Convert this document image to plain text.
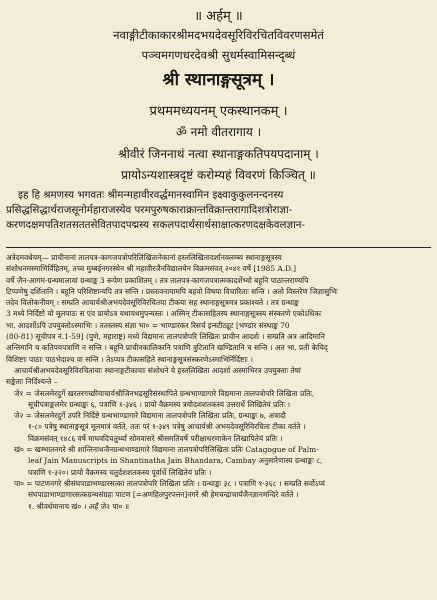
॥ अर्हम् ॥
नवाङ्गीटीकाकारश्रीमदभयदेवसूरिविरचितविवरणसमेतं
पञ्चमगणधरदेवश्री सुधर्मस्वामिसन्दृब्धं
श्री स्थानाङ्गसूत्रम् ।
प्रथममध्ययनम् एकस्थानकम् ।
ॐ नमो वीतरागाय ।
श्रीवीरं जिननाथं नत्वा स्थानाङ्गकतिपयपदानाम् ।
प्रायोऽन्यशास्त्रदृष्टं करोम्यहं विवरणं किञ्चित् ॥
इह हि श्रमणस्य भगवतः श्रीमन्महावीरवर्द्धमानस्वामिन इक्ष्वाकुकुलनन्दनस्य
प्रसिद्धसिद्धार्थराजसूनोर्महाराजस्येव परमपुरुषकाराक्रान्तविक्रान्तरागादिशत्रोराज्ञा-
करणदक्षमपतिशतसततसेवितपादपद्मस्य सकलपदार्थसार्थसाक्षात्करणदक्षकेवलज्ञान-
अत्रेदमवधेयम्— प्राचीनानां तालपत्र-कागजपत्रोपरिलिखितानेकानां हस्तलिखितादर्शानवलम्ब्य स्थानाङ्गसूत्रस्य
संशोधनमस्माभिर्विहितम्, तच्च मुम्बईनगरस्थेन श्री महावीरजैनविद्यालयेन विक्रमसंवत् २०४१ वर्षे [1985 A.D.]
वर्षे जैन-आगम-ग्रन्थमालायां ग्रन्थाङ्क 3 रूपेण प्रकाशितम् । तत्र तालपत्र-कागजपत्रात्मकादर्शेभ्यो बहूनि पाठान्तराण्यपि
टिप्पणेषु दर्शितानि । बहूनि परिशिष्टान्यपि तत्र सन्ति । प्रस्तावनायामपि बहवो विषया विचारिताः सन्ति । अतो विस्तरेण जिज्ञासुभिः
तदेव विलोकनीयम् । सम्प्रति आचार्यश्रीअभयदेवसूरिविरचितया टीकया सह स्थानाङ्गसूत्रमत्र प्रकाश्यते । तत्र ग्रन्थाङ्क
3 मध्ये निर्दिष्टो यो मूलपाठः स एव प्रायोऽत्र यथायथमुपन्यस्तः । अस्मिन् टीकासहितस्य स्थानाङ्गसूत्रस्य संस्करणे एकोऽधिकः
भा. आदर्शोऽपि उपयुक्तोऽस्माभिः । ततस्तस्य संज्ञा भा० = भाण्डारकर रिसर्च इन्स्टीट्यूट [भण्डार संस्थाङ्क 70
(80-81) सूचीपत्र नं.1-59] (पुणे, महाराष्ट्र) मध्ये विद्यमानः तालपत्रोपरि लिखितः प्राचीन आदर्शः । सम्प्रति अत्र आदिमानि
अन्तिमानि च कतिपयपत्राणि न सन्ति । बहूनि प्राचीनकालिकानि पत्राणि त्रुटितानि खण्डितानि च सन्ति । अत भा. प्रती केचिद्
विशिष्टाः पाठाः पाठभेदाश्च वा सन्ति । तेऽप्यत्र टीकासहिते स्थानाङ्गसूत्रसंस्करणेऽस्माभिर्निर्दिष्टाः ।
आचार्यश्रीअभयदेवसूरिविरचितायाः स्थानाङ्गटीकायाः संशोधने ये हस्तलिखिता आदर्शा अस्माभिरत्र उपयुक्ताः तेषां
सङ्केताः निर्दिश्यन्ते –
जे१ = जेसलमेरदुर्गे खरतरगच्छीयाचार्यश्रीजिनभद्रसूरिसंस्थापिते ग्रन्थभाण्डागारे विद्यमाना तालपत्रोपरि लिखिता प्रतिः,
सूचीपत्राङ्कलमेर ग्रन्थाङ्कः ६, पत्राणि १-३४६ । प्रायो वैक्रमस्य त्रयोदशशतकस्य उत्तरार्धे लिखितेयं प्रतिः ।
जे२ = जेसलमेरदुर्गे उपरि निर्दिष्टे ग्रन्थभाण्डागारे विद्यमाना तालपत्रोपरि लिखिता प्रतिः, ग्रन्थाङ्कः ७, अत्रादौ
१-८० पत्रेषु स्थानाङ्गसूत्रं मूलमात्रं वर्तते, ततः परं १-३४९ पत्रेषु आचार्यश्री अभयदेवसूरिविरचिता टीका वर्तते ।
विक्रमसंवत् १४८६ वर्षे माघवदिचतुर्थ्यां सोमवासरे श्रीसमतिवर्षे परीक्षाधरणाकेन लिखापितेयं प्रतिः ।
खं० = खम्भातनगरे श्री शान्तिनाथजैनग्रन्थभाण्डागारे विद्यमाना तालपत्रोपरिलिखिता प्रतिः Catagogue of Palm-
leaf Jain Manuscripts in Shantinatha Jain Bhandara, Cambay अनुसारेणास्य ग्रन्थाङ्कः ८,
पत्राणि १-३२०। प्रायो वैक्रमस्य चतुर्दशशतकस्य पूर्वार्धे लिखितेयं प्रतिः ।
पा० = पाटणनगरे श्रीसंघपाडाभण्डारसत्का तालपत्रोपरि लिखिता प्रतिः । ग्रन्थाङ्कः ३८ । पत्राणि १-३६८ । सम्प्रति सर्वोऽप्यं
संघपाडाभाण्डागारसत्कग्रन्थसंग्रहः पाटण [=अणहिलपुरपत्तन]नगरे श्री हेमचन्द्राचार्यजैनज्ञानमन्दिरे वर्तते ।
१. श्रीवर्धमानाय खं० । अहँ जे२ पा० ॥
